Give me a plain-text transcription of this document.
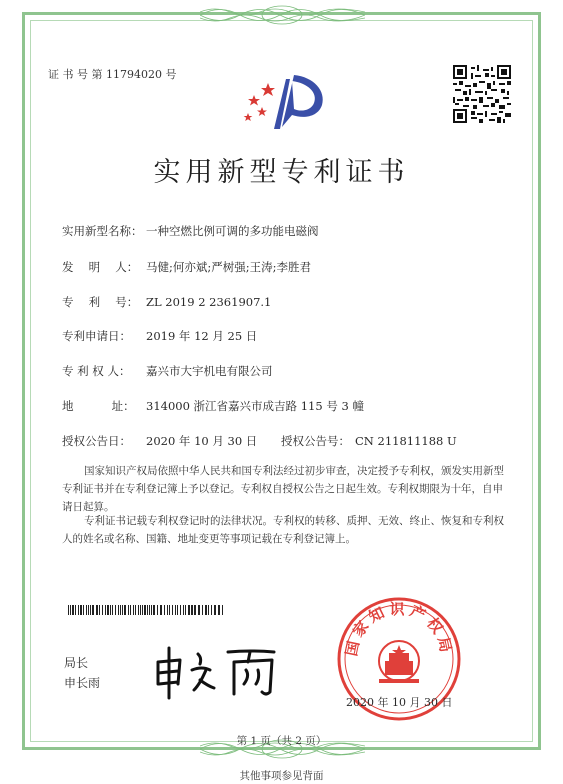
证 书 号 第 11794020 号
实用新型专利证书
实用新型名称： 一种空燃比例可调的多功能电磁阀
发　 明　 人： 马健;何亦斌;严树强;王涛;李胜君
专　 利　 号： ZL 2019 2 2361907.1
专利申请日： 2019 年 12 月 25 日
专 利 权 人： 嘉兴市大宇机电有限公司
地　　　 址： 314000 浙江省嘉兴市成吉路 115 号 3 幢
授权公告日： 2020 年 10 月 30 日 授权公告号： CN 211811188 U
国家知识产权局依照中华人民共和国专利法经过初步审查，决定授予专利权，颁发实用新型专利证书并在专利登记簿上予以登记。专利权自授权公告之日起生效。专利权期限为十年，自申请日起算。
专利证书记载专利权登记时的法律状况。专利权的转移、质押、无效、终止、恢复和专利权人的姓名或名称、国籍、地址变更等事项记载在专利登记簿上。
局长
申长雨
国家知识产权局
2020 年 10 月 30 日
第 1 页（共 2 页）
其他事项参见背面
